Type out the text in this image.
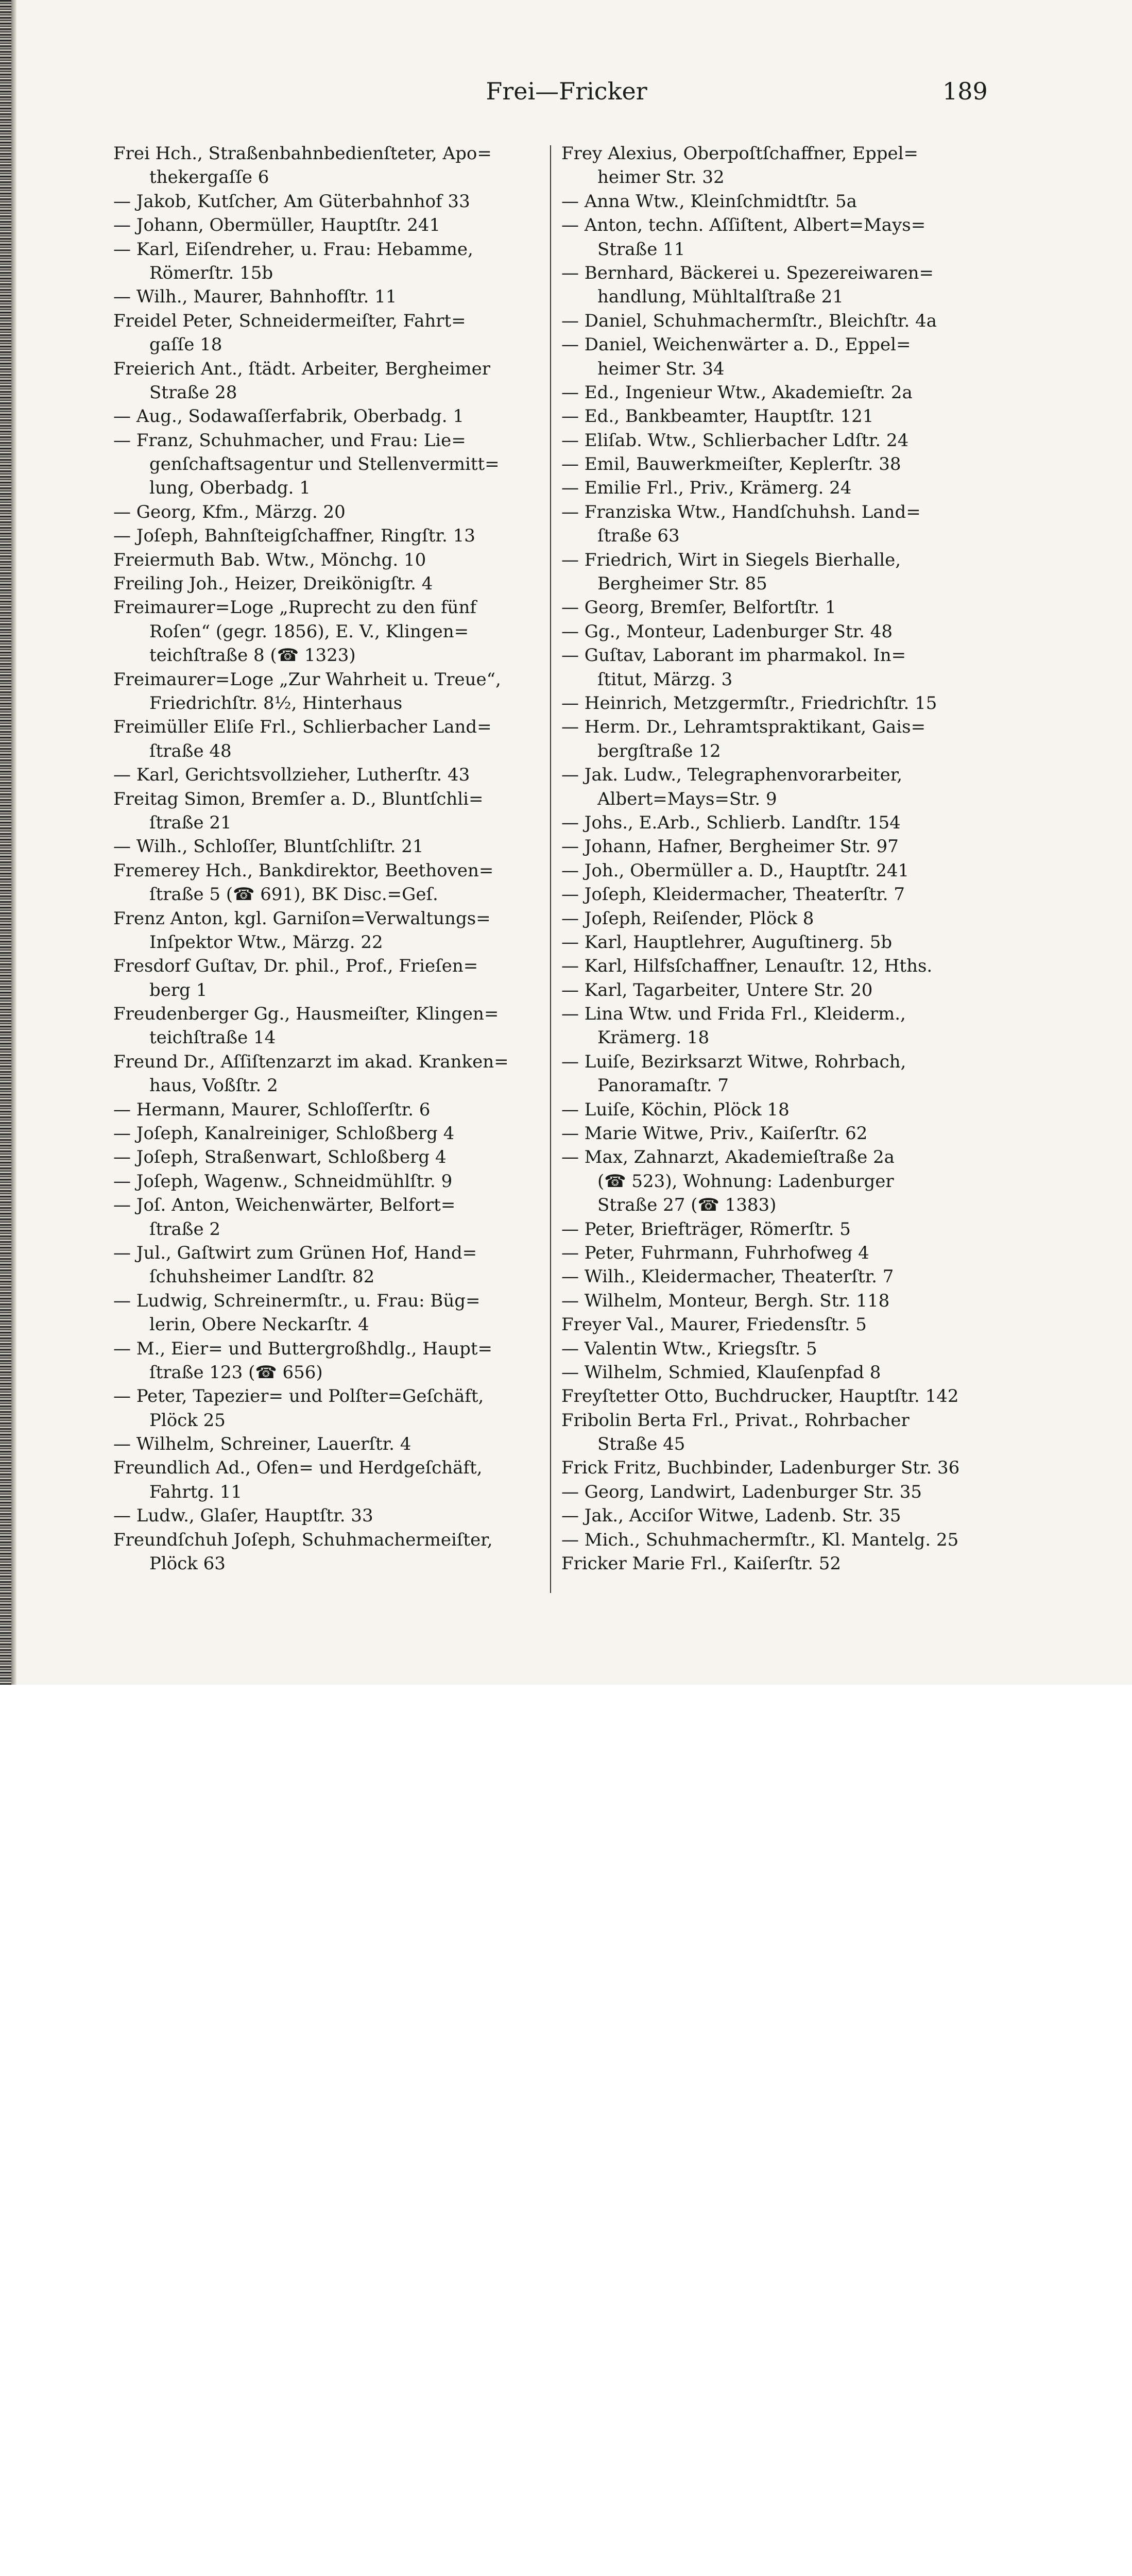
Frei—Fricker	189
Frei Hch., Straßenbahnbedienſteter, Apo=
thekergaſſe 6
— Jakob, Kutſcher, Am Güterbahnhof 33
— Johann, Obermüller, Hauptſtr. 241
— Karl, Eiſendreher, u. Frau: Hebamme,
Römerſtr. 15b
— Wilh., Maurer, Bahnhofſtr. 11
Freidel Peter, Schneidermeiſter, Fahrt=
gaſſe 18
Freierich Ant., ſtädt. Arbeiter, Bergheimer
Straße 28
— Aug., Sodawaſſerfabrik, Oberbadg. 1
— Franz, Schuhmacher, und Frau: Lie=
genſchaftsagentur und Stellenvermitt=
lung, Oberbadg. 1
— Georg, Kfm., Märzg. 20
— Joſeph, Bahnſteigſchaffner, Ringſtr. 13
Freiermuth Bab. Wtw., Mönchg. 10
Freiling Joh., Heizer, Dreikönigſtr. 4
Freimaurer=Loge „Ruprecht zu den fünf
Roſen“ (gegr. 1856), E. V., Klingen=
teichſtraße 8 (☎ 1323)
Freimaurer=Loge „Zur Wahrheit u. Treue“,
Friedrichſtr. 8½, Hinterhaus
Freimüller Eliſe Frl., Schlierbacher Land=
ſtraße 48
— Karl, Gerichtsvollzieher, Lutherſtr. 43
Freitag Simon, Bremſer a. D., Bluntſchli=
ſtraße 21
— Wilh., Schloſſer, Bluntſchliſtr. 21
Fremerey Hch., Bankdirektor, Beethoven=
ſtraße 5 (☎ 691), BK Disc.=Geſ.
Frenz Anton, kgl. Garniſon=Verwaltungs=
Inſpektor Wtw., Märzg. 22
Fresdorf Guſtav, Dr. phil., Prof., Frieſen=
berg 1
Freudenberger Gg., Hausmeiſter, Klingen=
teichſtraße 14
Freund Dr., Aſſiſtenzarzt im akad. Kranken=
haus, Voßſtr. 2
— Hermann, Maurer, Schloſſerſtr. 6
— Joſeph, Kanalreiniger, Schloßberg 4
— Joſeph, Straßenwart, Schloßberg 4
— Joſeph, Wagenw., Schneidmühlſtr. 9
— Joſ. Anton, Weichenwärter, Belfort=
ſtraße 2
— Jul., Gaſtwirt zum Grünen Hof, Hand=
ſchuhsheimer Landſtr. 82
— Ludwig, Schreinermſtr., u. Frau: Büg=
lerin, Obere Neckarſtr. 4
— M., Eier= und Buttergroßhdlg., Haupt=
ſtraße 123 (☎ 656)
— Peter, Tapezier= und Polſter=Geſchäft,
Plöck 25
— Wilhelm, Schreiner, Lauerſtr. 4
Freundlich Ad., Ofen= und Herdgeſchäft,
Fahrtg. 11
— Ludw., Glaſer, Hauptſtr. 33
Freundſchuh Joſeph, Schuhmachermeiſter,
Plöck 63
Frey Alexius, Oberpoſtſchaffner, Eppel=
heimer Str. 32
— Anna Wtw., Kleinſchmidtſtr. 5a
— Anton, techn. Aſſiſtent, Albert=Mays=
Straße 11
— Bernhard, Bäckerei u. Spezereiwaren=
handlung, Mühltalſtraße 21
— Daniel, Schuhmachermſtr., Bleichſtr. 4a
— Daniel, Weichenwärter a. D., Eppel=
heimer Str. 34
— Ed., Ingenieur Wtw., Akademieſtr. 2a
— Ed., Bankbeamter, Hauptſtr. 121
— Eliſab. Wtw., Schlierbacher Ldſtr. 24
— Emil, Bauwerkmeiſter, Keplerſtr. 38
— Emilie Frl., Priv., Krämerg. 24
— Franziska Wtw., Handſchuhsh. Land=
ſtraße 63
— Friedrich, Wirt in Siegels Bierhalle,
Bergheimer Str. 85
— Georg, Bremſer, Belfortſtr. 1
— Gg., Monteur, Ladenburger Str. 48
— Guſtav, Laborant im pharmakol. In=
ſtitut, Märzg. 3
— Heinrich, Metzgermſtr., Friedrichſtr. 15
— Herm. Dr., Lehramtspraktikant, Gais=
bergſtraße 12
— Jak. Ludw., Telegraphenvorarbeiter,
Albert=Mays=Str. 9
— Johs., E.Arb., Schlierb. Landſtr. 154
— Johann, Hafner, Bergheimer Str. 97
— Joh., Obermüller a. D., Hauptſtr. 241
— Joſeph, Kleidermacher, Theaterſtr. 7
— Joſeph, Reiſender, Plöck 8
— Karl, Hauptlehrer, Auguſtinerg. 5b
— Karl, Hilfsſchaffner, Lenauſtr. 12, Hths.
— Karl, Tagarbeiter, Untere Str. 20
— Lina Wtw. und Frida Frl., Kleiderm.,
Krämerg. 18
— Luiſe, Bezirksarzt Witwe, Rohrbach,
Panoramaſtr. 7
— Luiſe, Köchin, Plöck 18
— Marie Witwe, Priv., Kaiſerſtr. 62
— Max, Zahnarzt, Akademieſtraße 2a
(☎ 523), Wohnung: Ladenburger
Straße 27 (☎ 1383)
— Peter, Briefträger, Römerſtr. 5
— Peter, Fuhrmann, Fuhrhofweg 4
— Wilh., Kleidermacher, Theaterſtr. 7
— Wilhelm, Monteur, Bergh. Str. 118
Freyer Val., Maurer, Friedensſtr. 5
— Valentin Wtw., Kriegsſtr. 5
— Wilhelm, Schmied, Klauſenpfad 8
Freyſtetter Otto, Buchdrucker, Hauptſtr. 142
Fribolin Berta Frl., Privat., Rohrbacher
Straße 45
Frick Fritz, Buchbinder, Ladenburger Str. 36
— Georg, Landwirt, Ladenburger Str. 35
— Jak., Acciſor Witwe, Ladenb. Str. 35
— Mich., Schuhmachermſtr., Kl. Mantelg. 25
Fricker Marie Frl., Kaiſerſtr. 52
